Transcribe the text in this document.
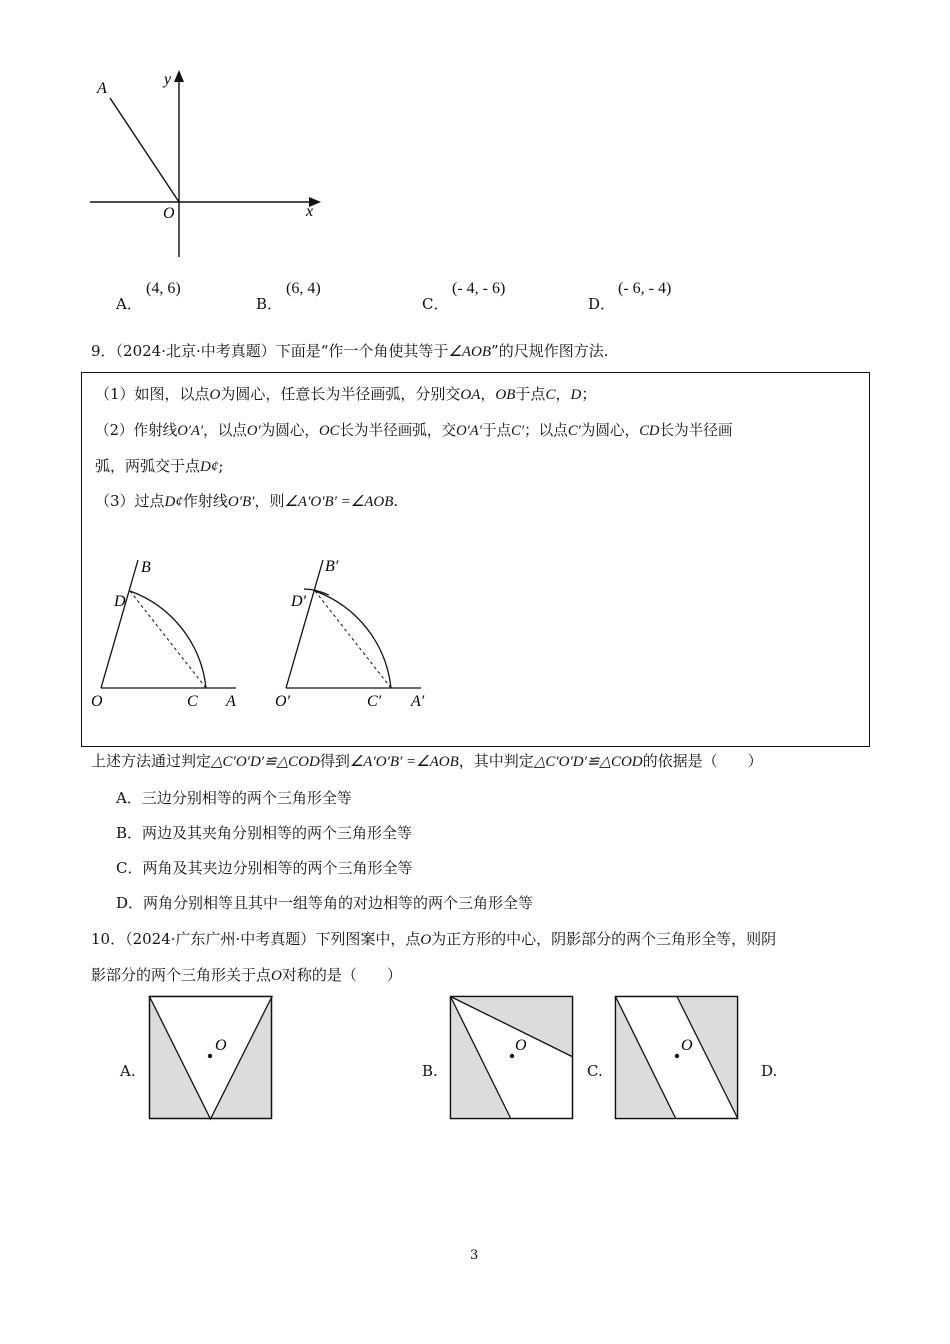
A
y
O	x
A．
(4, 6)
B．
(6, 4)
C．
(- 4, - 6)
D．
(- 6, - 4)
9．（2024·北京·中考真题）下面是“作一个角使其等于∠AOB”的尺规作图方法.
（1）如图，以点O为圆心，任意长为半径画弧，分别交OA，OB于点C，D；
（2）作射线O′A′，以点O′为圆心，OC长为半径画弧，交O′A′于点C′；以点C′为圆心，CD长为半径画
弧，两弧交于点D¢;
（3）过点D¢作射线O′B′，则∠A′O′B′ =∠AOB.
B
D
O	C A
B′
D′
O′	C′ A′
上述方法通过判定△C′O′D′≌△COD得到∠A′O′B′ =∠AOB，其中判定△C′O′D′≌△COD的依据是（　　）
A．三边分别相等的两个三角形全等
B．两边及其夹角分别相等的两个三角形全等
C．两角及其夹边分别相等的两个三角形全等
D．两角分别相等且其中一组等角的对边相等的两个三角形全等
10．（2024·广东广州·中考真题）下列图案中，点O为正方形的中心，阴影部分的两个三角形全等，则阴
影部分的两个三角形关于点O对称的是（　　）
A.
O
B.
O
C.
O
D.
3
